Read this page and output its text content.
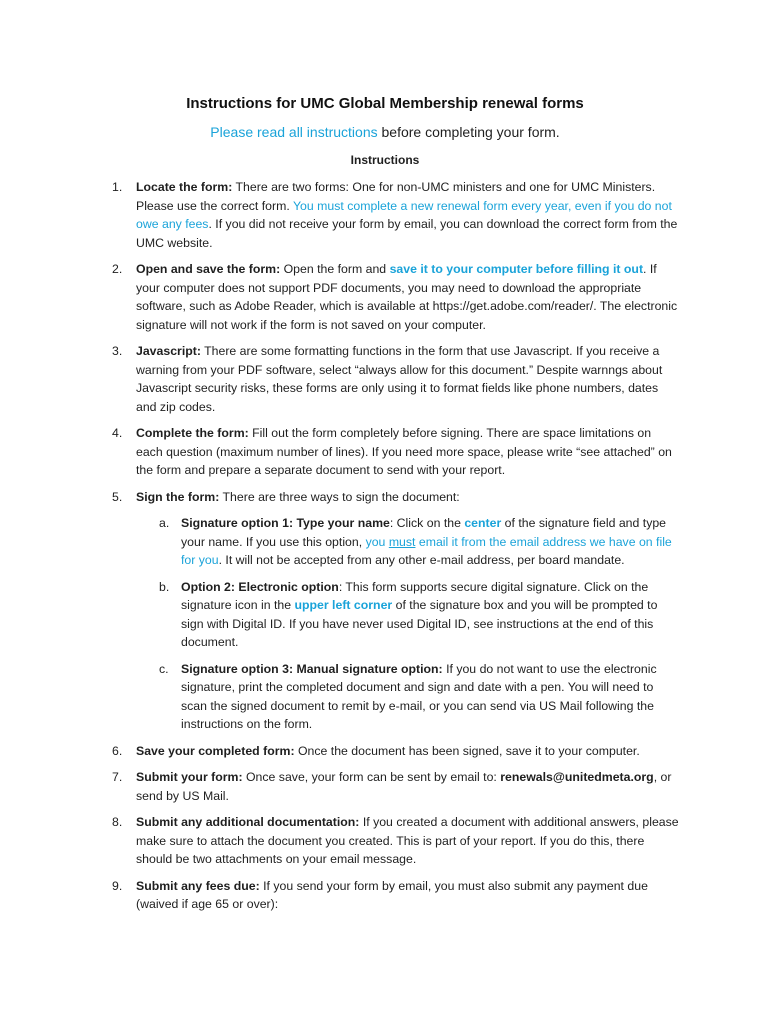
Instructions for UMC Global Membership renewal forms
Please read all instructions before completing your form.
Instructions
1. Locate the form: There are two forms: One for non-UMC ministers and one for UMC Ministers. Please use the correct form. You must complete a new renewal form every year, even if you do not owe any fees. If you did not receive your form by email, you can download the correct form from the UMC website.
2. Open and save the form: Open the form and save it to your computer before filling it out. If your computer does not support PDF documents, you may need to download the appropriate software, such as Adobe Reader, which is available at https://get.adobe.com/reader/. The electronic signature will not work if the form is not saved on your computer.
3. Javascript: There are some formatting functions in the form that use Javascript. If you receive a warning from your PDF software, select “always allow for this document.” Despite warnngs about Javascript security risks, these forms are only using it to format fields like phone numbers, dates and zip codes.
4. Complete the form: Fill out the form completely before signing. There are space limitations on each question (maximum number of lines). If you need more space, please write “see attached” on the form and prepare a separate document to send with your report.
5. Sign the form: There are three ways to sign the document:
a. Signature option 1: Type your name: Click on the center of the signature field and type your name. If you use this option, you must email it from the email address we have on file for you. It will not be accepted from any other e-mail address, per board mandate.
b. Option 2: Electronic option: This form supports secure digital signature. Click on the signature icon in the upper left corner of the signature box and you will be prompted to sign with Digital ID. If you have never used Digital ID, see instructions at the end of this document.
c. Signature option 3: Manual signature option: If you do not want to use the electronic signature, print the completed document and sign and date with a pen. You will need to scan the signed document to remit by e-mail, or you can send via US Mail following the instructions on the form.
6. Save your completed form: Once the document has been signed, save it to your computer.
7. Submit your form: Once save, your form can be sent by email to: renewals@unitedmeta.org, or send by US Mail.
8. Submit any additional documentation: If you created a document with additional answers, please make sure to attach the document you created. This is part of your report. If you do this, there should be two attachments on your email message.
9. Submit any fees due: If you send your form by email, you must also submit any payment due (waived if age 65 or over):
